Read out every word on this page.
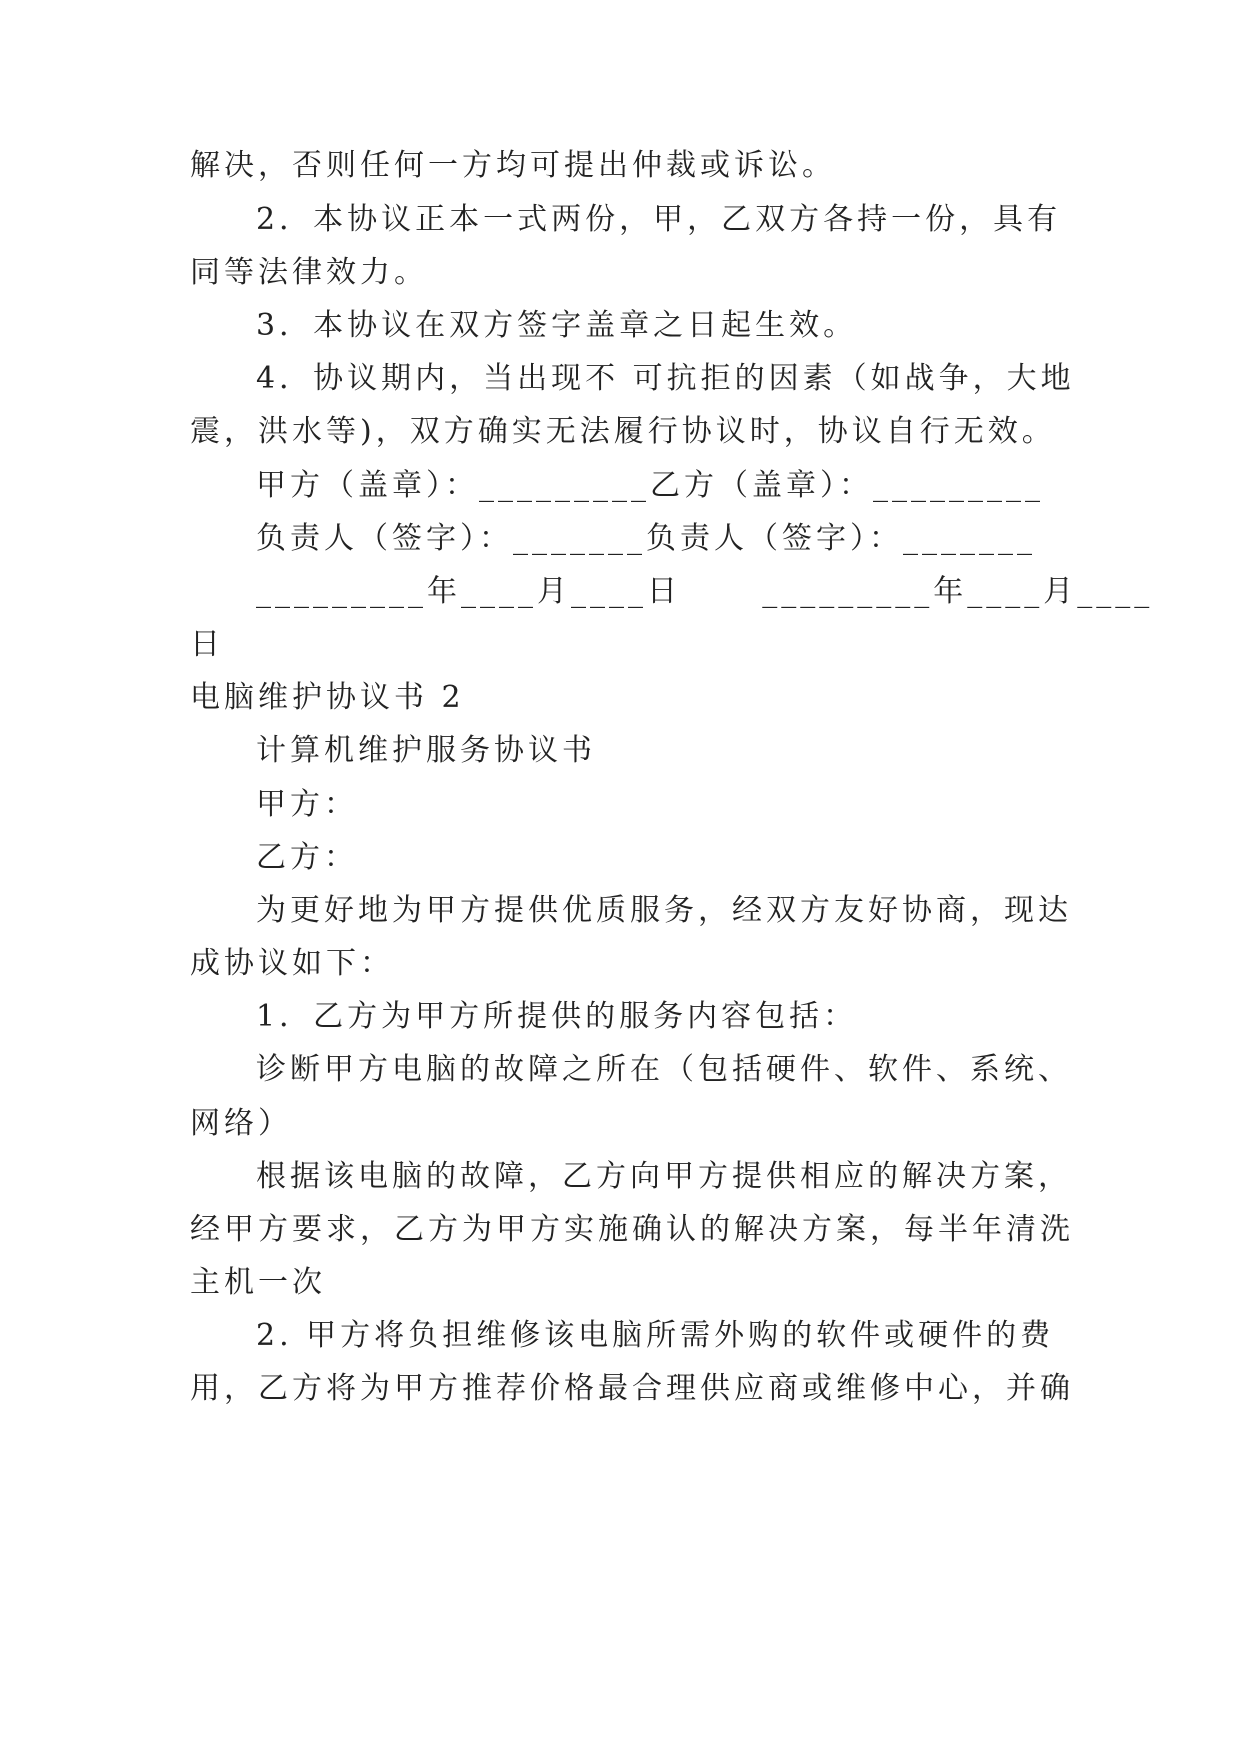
解决，否则任何一方均可提出仲裁或诉讼。
2．本协议正本一式两份，甲，乙双方各持一份，具有
同等法律效力。
3．本协议在双方签字盖章之日起生效。
4．协议期内，当出现不 可抗拒的因素（如战争，大地
震，洪水等)，双方确实无法履行协议时，协议自行无效。
甲方（盖章）：_________乙方（盖章）：_________
负责人（签字）：_______负责人（签字）：_______
_________年____月____日      _________年____月____
日
电脑维护协议书 2
计算机维护服务协议书
甲方：
乙方：
为更好地为甲方提供优质服务，经双方友好协商，现达
成协议如下：
1．乙方为甲方所提供的服务内容包括：
诊断甲方电脑的故障之所在（包括硬件、软件、系统、
网络）
根据该电脑的故障，乙方向甲方提供相应的解决方案，
经甲方要求，乙方为甲方实施确认的解决方案，每半年清洗
主机一次
2. 甲方将负担维修该电脑所需外购的软件或硬件的费
用，乙方将为甲方推荐价格最合理供应商或维修中心，并确
